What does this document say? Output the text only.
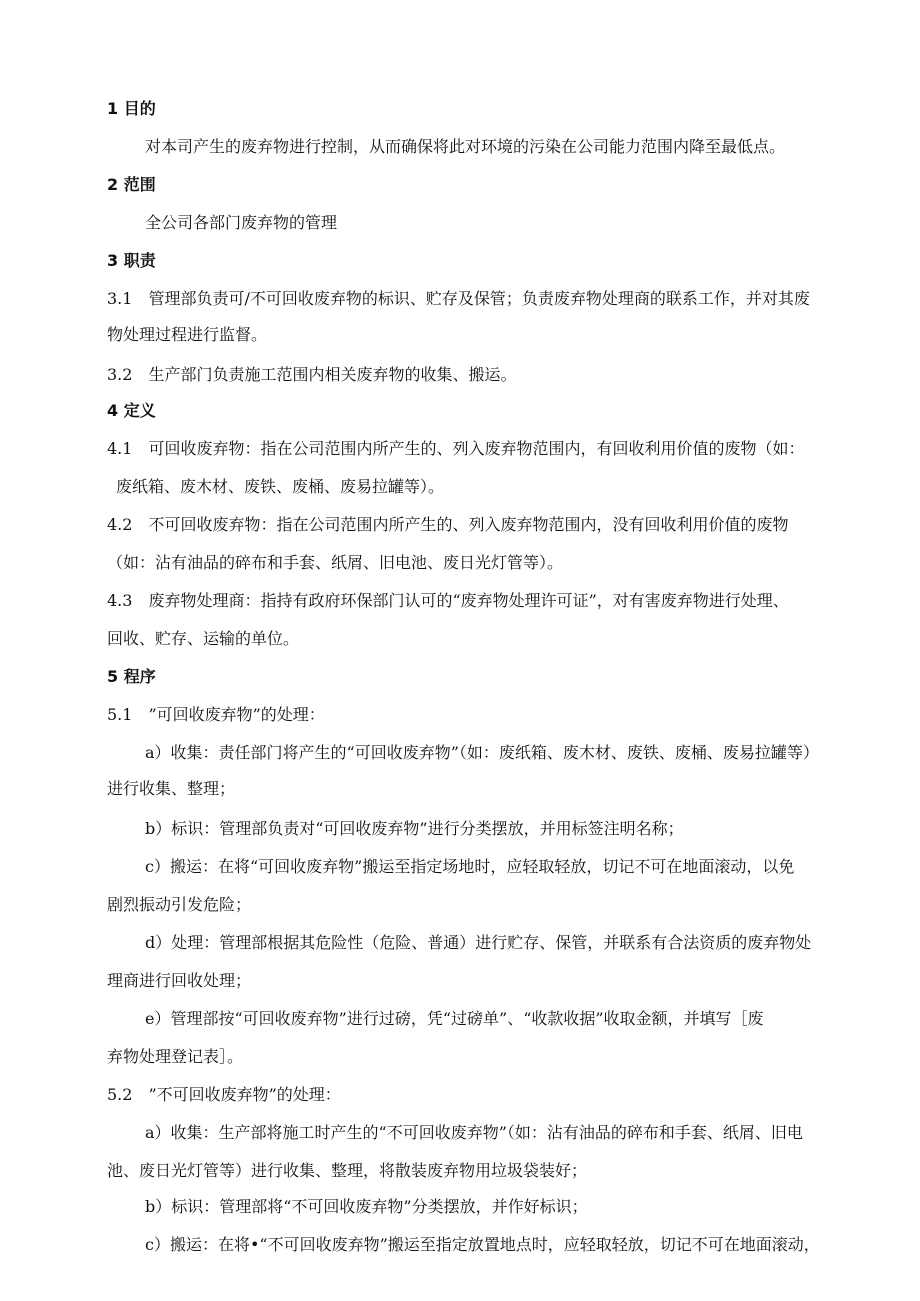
1 目的
对本司产生的废弃物进行控制，从而确保将此对环境的污染在公司能力范围内降至最低点。
2 范围
全公司各部门废弃物的管理
3 职责
3.1　管理部负责可/不可回收废弃物的标识、贮存及保管；负责废弃物处理商的联系工作，并对其废
物处理过程进行监督。
3.2　生产部门负责施工范围内相关废弃物的收集、搬运。
4 定义
4.1　可回收废弃物：指在公司范围内所产生的、列入废弃物范围内，有回收利用价值的废物（如：
废纸箱、废木材、废铁、废桶、废易拉罐等）。
4.2　不可回收废弃物：指在公司范围内所产生的、列入废弃物范围内，没有回收利用价值的废物
（如：沾有油品的碎布和手套、纸屑、旧电池、废日光灯管等）。
4.3　废弃物处理商：指持有政府环保部门认可的“废弃物处理许可证”，对有害废弃物进行处理、
回收、贮存、运输的单位。
5 程序
5.1　”可回收废弃物”的处理：
a）收集：责任部门将产生的“可回收废弃物”（如：废纸箱、废木材、废铁、废桶、废易拉罐等）
进行收集、整理；
b）标识：管理部负责对“可回收废弃物”进行分类摆放，并用标签注明名称；
c）搬运：在将“可回收废弃物”搬运至指定场地时，应轻取轻放，切记不可在地面滚动，以免
剧烈振动引发危险；
d）处理：管理部根据其危险性（危险、普通）进行贮存、保管，并联系有合法资质的废弃物处
理商进行回收处理；
e）管理部按“可回收废弃物”进行过磅，凭“过磅单”、“收款收据”收取金额，并填写［废
弃物处理登记表］。
5.2　”不可回收废弃物”的处理：
a）收集：生产部将施工时产生的“不可回收废弃物”（如：沾有油品的碎布和手套、纸屑、旧电
池、废日光灯管等）进行收集、整理，将散装废弃物用垃圾袋装好；
b）标识：管理部将“不可回收废弃物”分类摆放，并作好标识；
c）搬运：在将•“不可回收废弃物”搬运至指定放置地点时，应轻取轻放，切记不可在地面滚动，
